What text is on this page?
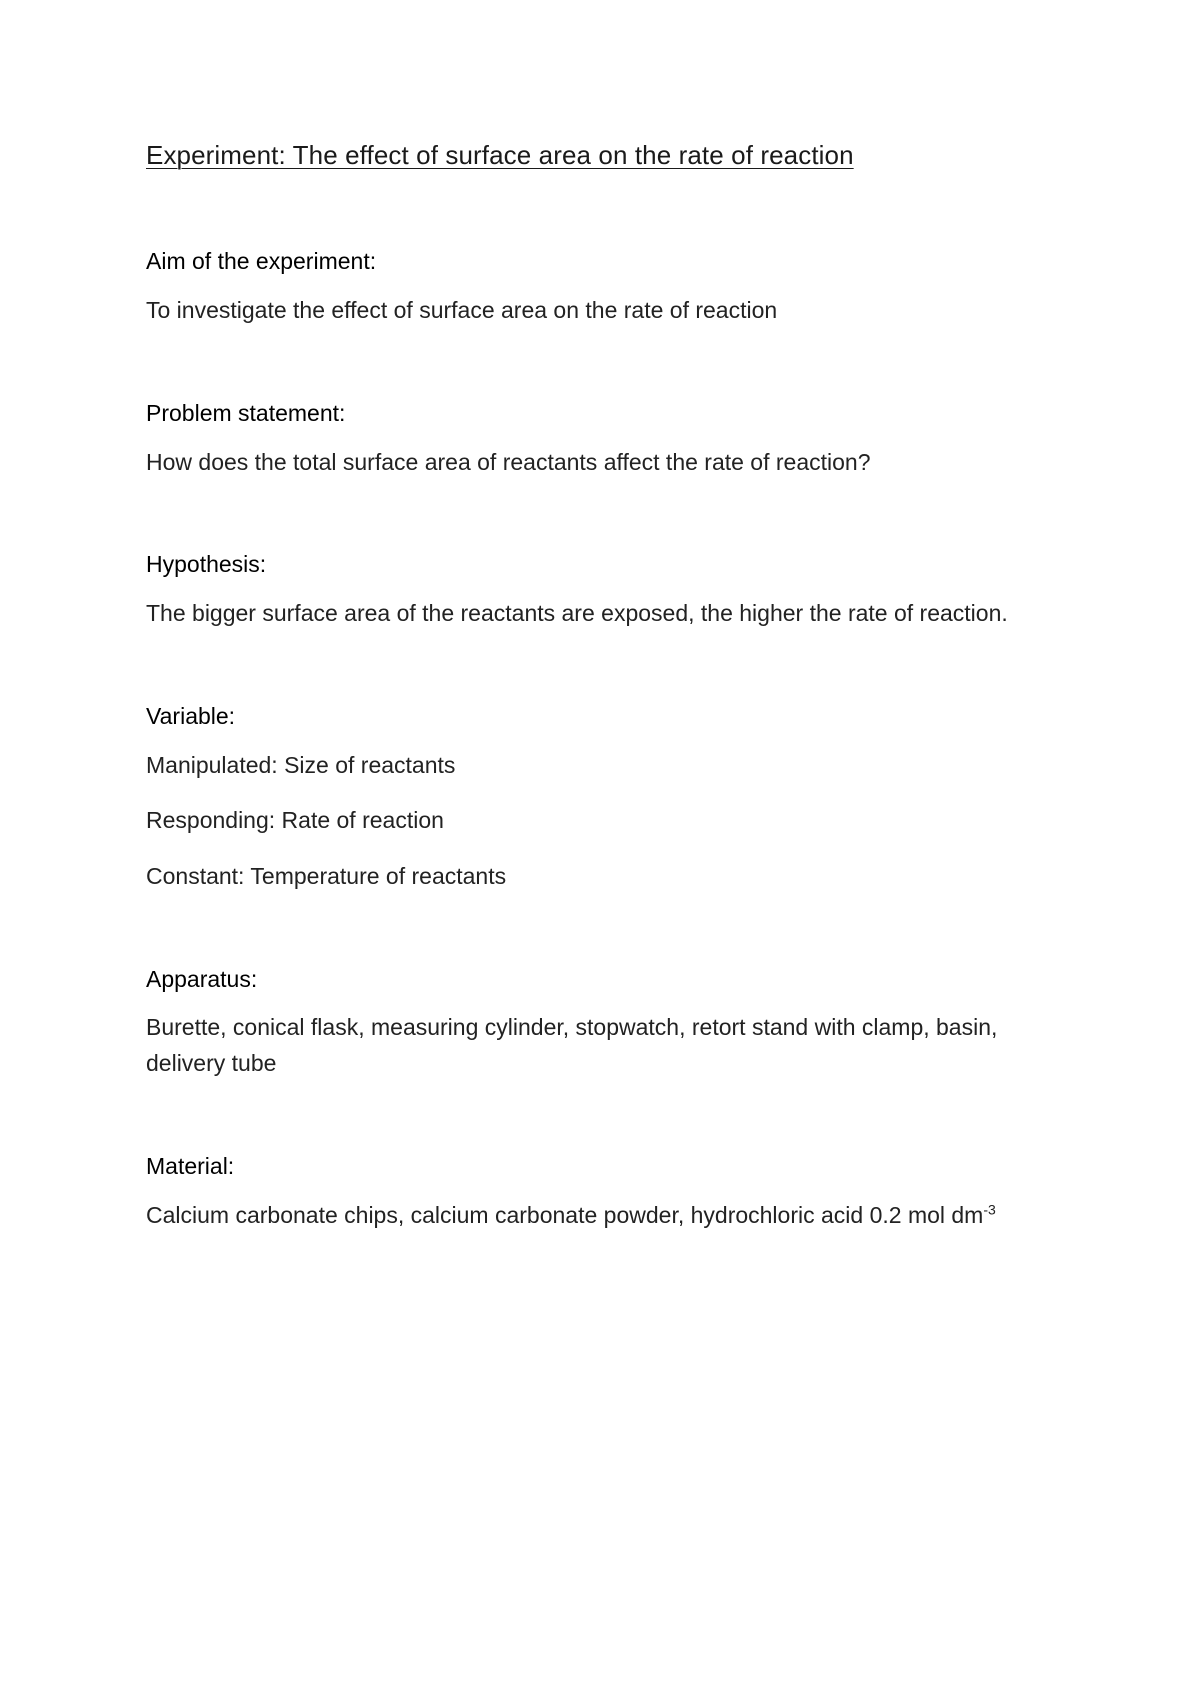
Experiment: The effect of surface area on the rate of reaction
Aim of the experiment:

To investigate the effect of surface area on the rate of reaction

Problem statement:

How does the total surface area of reactants affect the rate of reaction?

Hypothesis:

The bigger surface area of the reactants are exposed, the higher the rate of reaction.

Variable:

Manipulated: Size of reactants

Responding: Rate of reaction

Constant: Temperature of reactants

Apparatus:

Burette, conical flask, measuring cylinder, stopwatch, retort stand with clamp, basin, delivery tube

Material:

Calcium carbonate chips, calcium carbonate powder, hydrochloric acid 0.2 mol $dm^{-3}$
